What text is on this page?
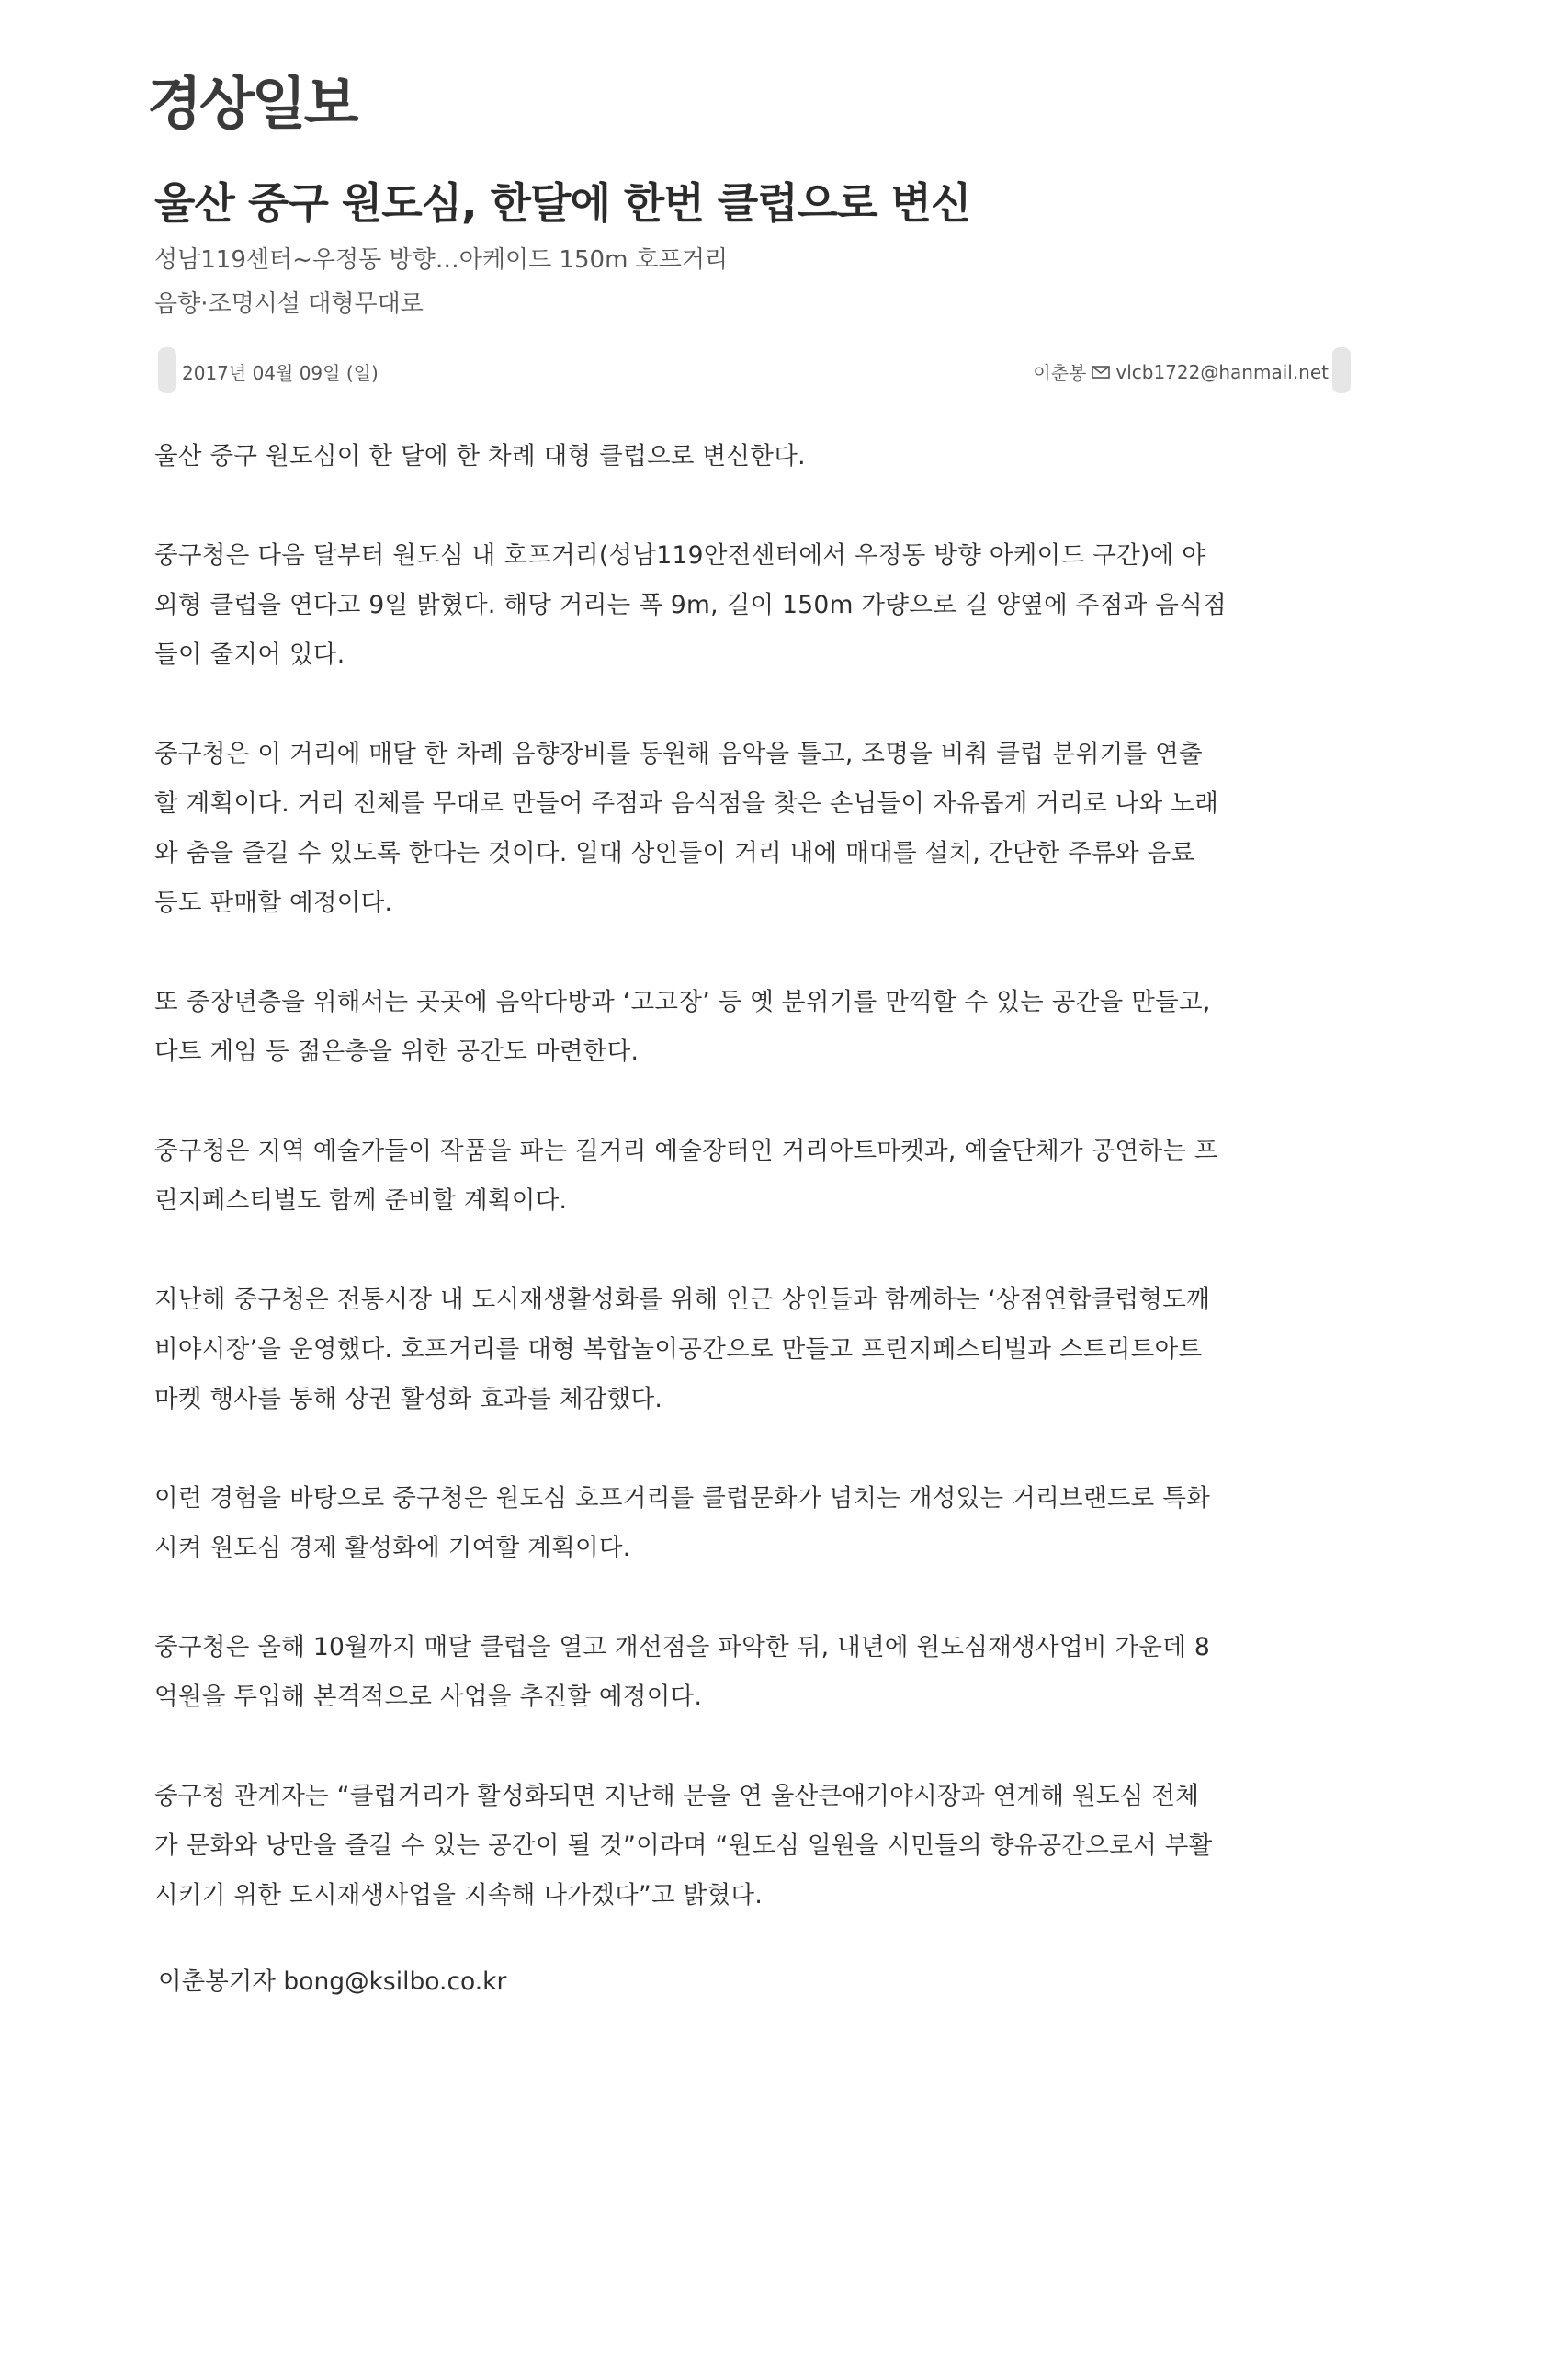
경상일보
울산 중구 원도심, 한달에 한번 클럽으로 변신
성남119센터~우정동 방향…아케이드 150m 호프거리
음향·조명시설 대형무대로
2017년 04월 09일 (일)	이춘봉 vlcb1722@hanmail.net

울산 중구 원도심이 한 달에 한 차례 대형 클럽으로 변신한다.

중구청은 다음 달부터 원도심 내 호프거리(성남119안전센터에서 우정동 방향 아케이드 구간)에 야
외형 클럽을 연다고 9일 밝혔다. 해당 거리는 폭 9m, 길이 150m 가량으로 길 양옆에 주점과 음식점
들이 줄지어 있다.

중구청은 이 거리에 매달 한 차례 음향장비를 동원해 음악을 틀고, 조명을 비춰 클럽 분위기를 연출
할 계획이다. 거리 전체를 무대로 만들어 주점과 음식점을 찾은 손님들이 자유롭게 거리로 나와 노래
와 춤을 즐길 수 있도록 한다는 것이다. 일대 상인들이 거리 내에 매대를 설치, 간단한 주류와 음료
등도 판매할 예정이다.

또 중장년층을 위해서는 곳곳에 음악다방과 ‘고고장’ 등 옛 분위기를 만끽할 수 있는 공간을 만들고,
다트 게임 등 젊은층을 위한 공간도 마련한다.

중구청은 지역 예술가들이 작품을 파는 길거리 예술장터인 거리아트마켓과, 예술단체가 공연하는 프
린지페스티벌도 함께 준비할 계획이다.

지난해 중구청은 전통시장 내 도시재생활성화를 위해 인근 상인들과 함께하는 ‘상점연합클럽형도깨
비야시장’을 운영했다. 호프거리를 대형 복합놀이공간으로 만들고 프린지페스티벌과 스트리트아트
마켓 행사를 통해 상권 활성화 효과를 체감했다.

이런 경험을 바탕으로 중구청은 원도심 호프거리를 클럽문화가 넘치는 개성있는 거리브랜드로 특화
시켜 원도심 경제 활성화에 기여할 계획이다.

중구청은 올해 10월까지 매달 클럽을 열고 개선점을 파악한 뒤, 내년에 원도심재생사업비 가운데 8
억원을 투입해 본격적으로 사업을 추진할 예정이다.

중구청 관계자는 “클럽거리가 활성화되면 지난해 문을 연 울산큰애기야시장과 연계해 원도심 전체
가 문화와 낭만을 즐길 수 있는 공간이 될 것”이라며 “원도심 일원을 시민들의 향유공간으로서 부활
시키기 위한 도시재생사업을 지속해 나가겠다”고 밝혔다.

이춘봉기자 bong@ksilbo.co.kr
